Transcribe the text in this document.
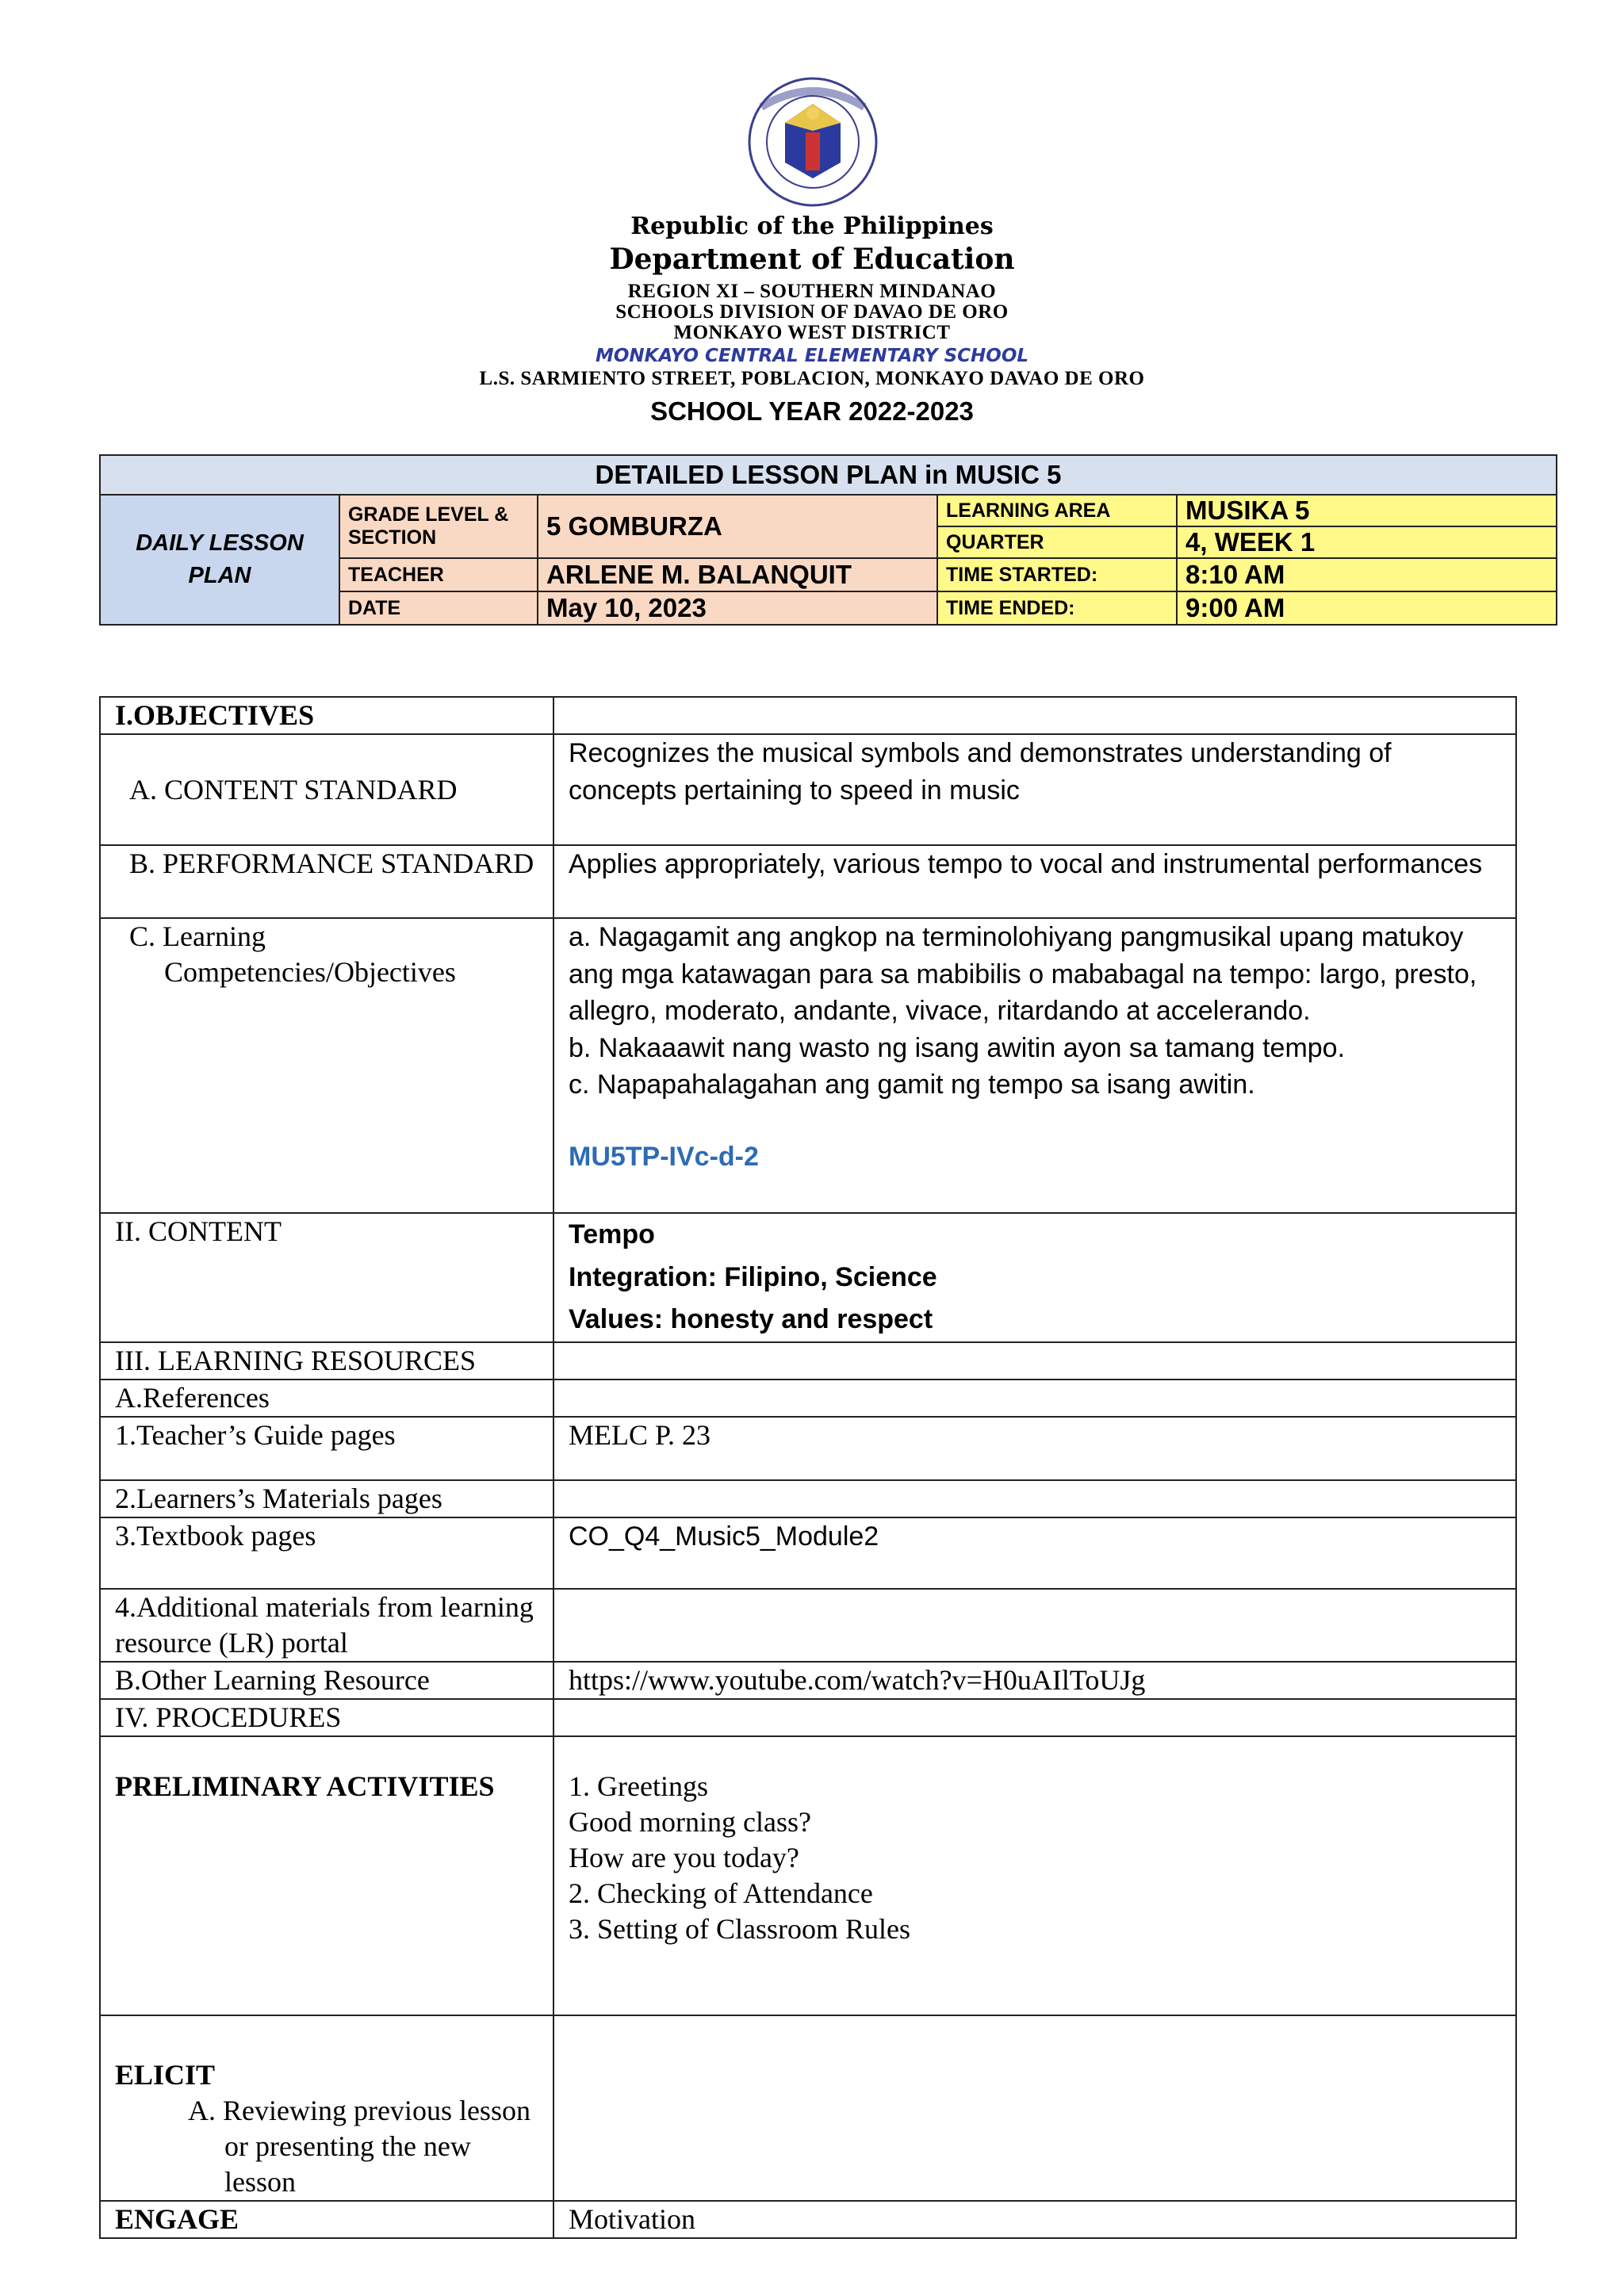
Republic of the Philippines
Department of Education
REGION XI – SOUTHERN MINDANAO
SCHOOLS DIVISION OF DAVAO DE ORO
MONKAYO WEST DISTRICT
MONKAYO CENTRAL ELEMENTARY SCHOOL
L.S. SARMIENTO STREET, POBLACION, MONKAYO DAVAO DE ORO
SCHOOL YEAR 2022-2023
DETAILED LESSON PLAN in MUSIC 5				
DAILY LESSON PLAN	GRADE LEVEL & SECTION	5 GOMBURZA	LEARNING AREA	MUSIKA 5
			QUARTER	4, WEEK 1
	TEACHER	ARLENE M. BALANQUIT	TIME STARTED:	8:10 AM
	DATE	May 10, 2023	TIME ENDED:	9:00 AM
I.OBJECTIVES	

A. CONTENT STANDARD	Recognizes the musical symbols and demonstrates understanding of concepts pertaining to speed in music

B. PERFORMANCE STANDARD	Applies appropriately, various tempo to vocal and instrumental performances

C. Learning Competencies/Objectives	a. Nagagamit ang angkop na terminolohiyang pangmusikal upang matukoy ang mga katawagan para sa mabibilis o mababagal na tempo: largo, presto, allegro, moderato, andante, vivace, ritardando at accelerando.
b. Nakaaawit nang wasto ng isang awitin ayon sa tamang tempo.
c. Napapahalagahan ang gamit ng tempo sa isang awitin.
MU5TP-IVc-d-2

II. CONTENT	Tempo
Integration: Filipino, Science
Values: honesty and respect

III. LEARNING RESOURCES	
A.References	
1.Teacher’s Guide pages	MELC P. 23
2.Learners’s Materials pages	
3.Textbook pages	CO_Q4_Music5_Module2
4.Additional materials from learning resource (LR) portal	
B.Other Learning Resource	https://www.youtube.com/watch?v=H0uAIlToUJg
IV. PROCEDURES	
PRELIMINARY ACTIVITIES	1. Greetings
Good morning class?
How are you today?
2. Checking of Attendance
3. Setting of Classroom Rules

ELICIT
A. Reviewing previous lesson or presenting the new lesson	

ENGAGE	Motivation
